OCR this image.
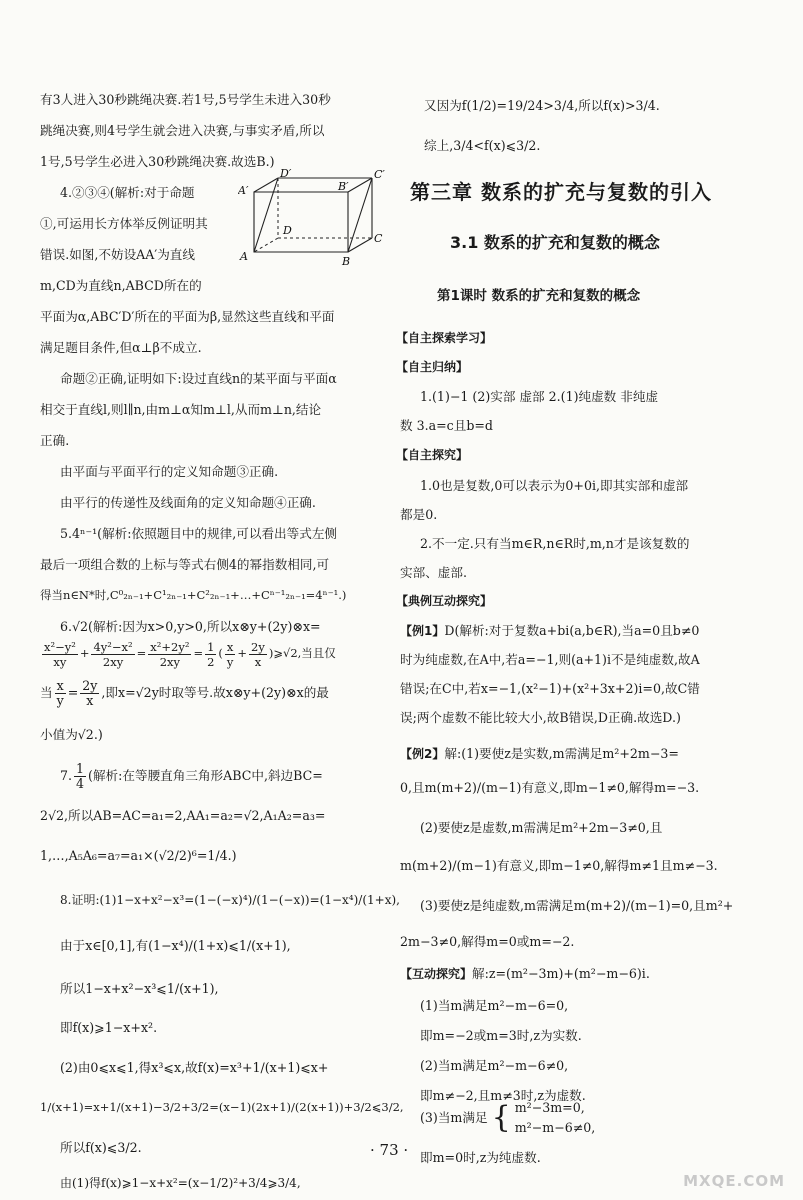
有3人进入30秒跳绳决赛.若1号,5号学生未进入30秒
跳绳决赛,则4号学生就会进入决赛,与事实矛盾,所以
1号,5号学生必进入30秒跳绳决赛.故选B.)
4.②③④(解析:对于命题
①,可运用长方体举反例证明其
错误.如图,不妨设AA′为直线
m,CD为直线n,ABCD所在的
平面为α,ABC′D′所在的平面为β,显然这些直线和平面
满足题目条件,但α⊥β不成立.
命题②正确,证明如下:设过直线n的某平面与平面α
相交于直线l,则l∥n,由m⊥α知m⊥l,从而m⊥n,结论
正确.
由平面与平面平行的定义知命题③正确.
由平行的传递性及线面角的定义知命题④正确.
5.4ⁿ⁻¹(解析:依照题目中的规律,可以看出等式左侧
最后一项组合数的上标与等式右侧4的幂指数相同,可
得当n∈N*时,C⁰₂ₙ₋₁+C¹₂ₙ₋₁+C²₂ₙ₋₁+…+Cⁿ⁻¹₂ₙ₋₁=4ⁿ⁻¹.)
6.√2(解析:因为x>0,y>0,所以x⊗y+(2y)⊗x=
$\frac{\text{x²−y²}}{xy} + \frac{\text{4y²−x²}}{2xy} = \frac{\text{x²+2y²}}{2xy} = \frac{1}{2}$ ( $\frac{x}{y} + \frac{2y}{x}$ )⩾√2,当且仅
当 $\frac{x}{y} = \frac{2y}{x}$ ,即x=√2y时取等号.故x⊗y+(2y)⊗x的最
小值为√2.)
7. $\frac{1}{4}$ (解析:在等腰直角三角形ABC中,斜边BC=
2√2,所以AB=AC=a₁=2,AA₁=a₂=√2,A₁A₂=a₃=
1,…,A₅A₆=a₇=a₁×(√2/2)⁶=1/4.)
8.证明:(1)1−x+x²−x³=(1−(−x)⁴)/(1−(−x))=(1−x⁴)/(1+x),
由于x∈[0,1],有(1−x⁴)/(1+x)⩽1/(x+1),
所以1−x+x²−x³⩽1/(x+1),
即f(x)⩾1−x+x².
(2)由0⩽x⩽1,得x³⩽x,故f(x)=x³+1/(x+1)⩽x+
1/(x+1)=x+1/(x+1)−3/2+3/2=(x−1)(2x+1)/(2(x+1))+3/2⩽3/2,
所以f(x)⩽3/2.
由(1)得f(x)⩾1−x+x²=(x−1/2)²+3/4⩾3/4,
D′	C′
A′	B′
D
C
A	B
又因为f(1/2)=19/24>3/4,所以f(x)>3/4.
综上,3/4<f(x)⩽3/2.
第三章 数系的扩充与复数的引入
3.1 数系的扩充和复数的概念
第1课时 数系的扩充和复数的概念
【自主探索学习】
【自主归纳】
1.(1)−1 (2)实部 虚部 2.(1)纯虚数 非纯虚
数 3.a=c且b=d
【自主探究】
1.0也是复数,0可以表示为0+0i,即其实部和虚部
都是0.
2.不一定.只有当m∈R,n∈R时,m,n才是该复数的
实部、虚部.
【典例互动探究】
【例1】D(解析:对于复数a+bi(a,b∈R),当a=0且b≠0
时为纯虚数,在A中,若a=−1,则(a+1)i不是纯虚数,故A
错误;在C中,若x=−1,(x²−1)+(x²+3x+2)i=0,故C错
误;两个虚数不能比较大小,故B错误,D正确.故选D.)
【例2】解:(1)要使z是实数,m需满足m²+2m−3=
0,且m(m+2)/(m−1)有意义,即m−1≠0,解得m=−3.
(2)要使z是虚数,m需满足m²+2m−3≠0,且
m(m+2)/(m−1)有意义,即m−1≠0,解得m≠1且m≠−3.
(3)要使z是纯虚数,m需满足m(m+2)/(m−1)=0,且m²+
2m−3≠0,解得m=0或m=−2.
【互动探究】解:z=(m²−3m)+(m²−m−6)i.
(1)当m满足m²−m−6=0,
即m=−2或m=3时,z为实数.
(2)当m满足m²−m−6≠0,
即m≠−2,且m≠3时,z为虚数.
(3)当m满足 { m²−3m=0,
m²−m−6≠0,
即m=0时,z为纯虚数.
· 73 ·
MXQE.COM
